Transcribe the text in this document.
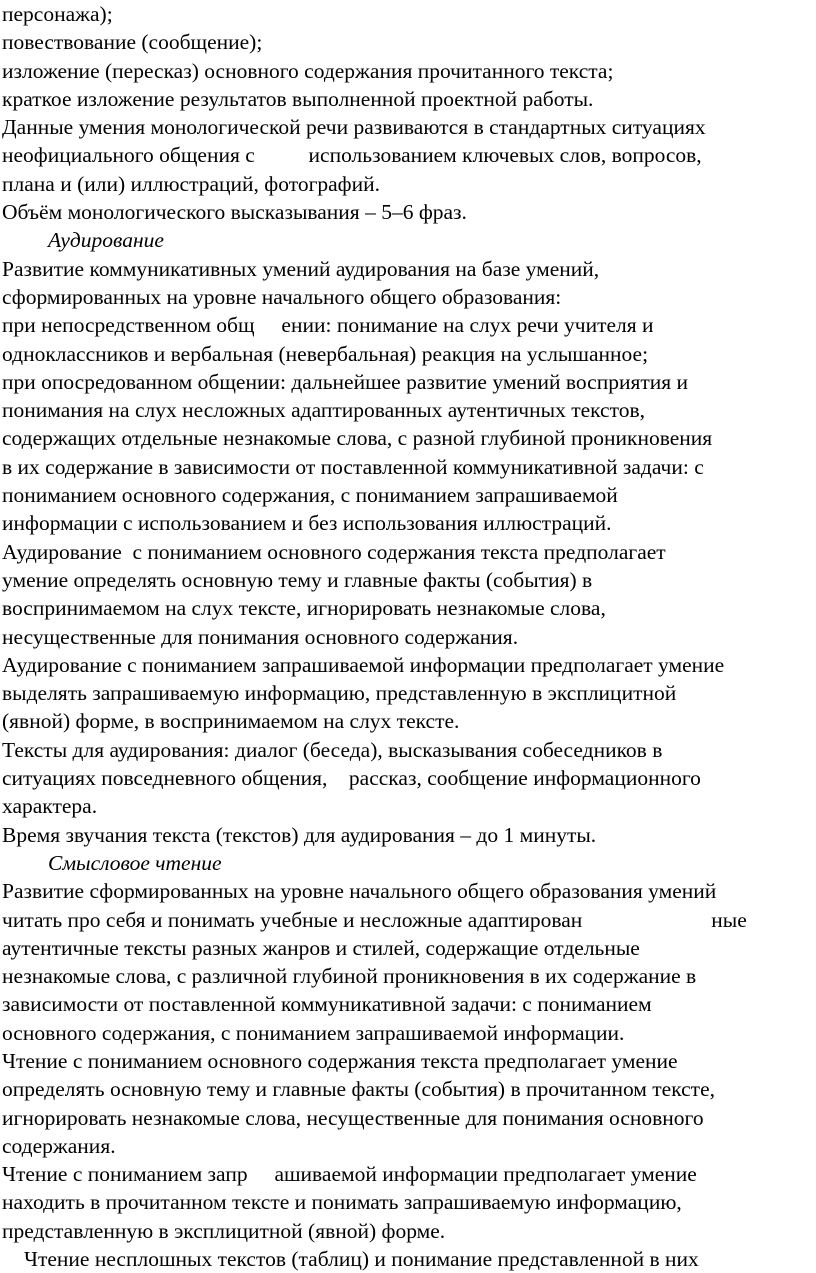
персонажа);
повествование (сообщение);
изложение (пересказ) основного содержания прочитанного текста;
краткое изложение результатов выполненной проектной работы.
Данные умения монологической речи развиваются в стандартных ситуациях
неофициального общения с          использованием ключевых слов, вопросов,
плана и (или) иллюстраций, фотографий.
Объём монологического высказывания – 5–6 фраз.
Аудирование
Развитие коммуникативных умений аудирования на базе умений,
сформированных на уровне начального общего образования:
при непосредственном общ     ении: понимание на слух речи учителя и
одноклассников и вербальная (невербальная) реакция на услышанное;
при опосредованном общении: дальнейшее развитие умений восприятия и
понимания на слух несложных адаптированных аутентичных текстов,
содержащих отдельные незнакомые слова, с разной глубиной проникновения
в их содержание в зависимости от поставленной коммуникативной задачи: с
пониманием основного содержания, с пониманием запрашиваемой
информации с использованием и без использования иллюстраций.
Аудирование  с пониманием основного содержания текста предполагает
умение определять основную тему и главные факты (события) в
воспринимаемом на слух тексте, игнорировать незнакомые слова,
несущественные для понимания основного содержания.
Аудирование с пониманием запрашиваемой информации предполагает умение
выделять запрашиваемую информацию, представленную в эксплицитной
(явной) форме, в воспринимаемом на слух тексте.
Тексты для аудирования: диалог (беседа), высказывания собеседников в
ситуациях повседневного общения,    рассказ, сообщение информационного
характера.
Время звучания текста (текстов) для аудирования – до 1 минуты.
Смысловое чтение
Развитие сформированных на уровне начального общего образования умений
читать про себя и понимать учебные и несложные адаптирован                        ные
аутентичные тексты разных жанров и стилей, содержащие отдельные
незнакомые слова, с различной глубиной проникновения в их содержание в
зависимости от поставленной коммуникативной задачи: с пониманием
основного содержания, с пониманием запрашиваемой информации.
Чтение с пониманием основного содержания текста предполагает умение
определять основную тему и главные факты (события) в прочитанном тексте,
игнорировать незнакомые слова, несущественные для понимания основного
содержания.
Чтение с пониманием запр     ашиваемой информации предполагает умение
находить в прочитанном тексте и понимать запрашиваемую информацию,
представленную в эксплицитной (явной) форме.
Чтение несплошных текстов (таблиц) и понимание представленной в них
